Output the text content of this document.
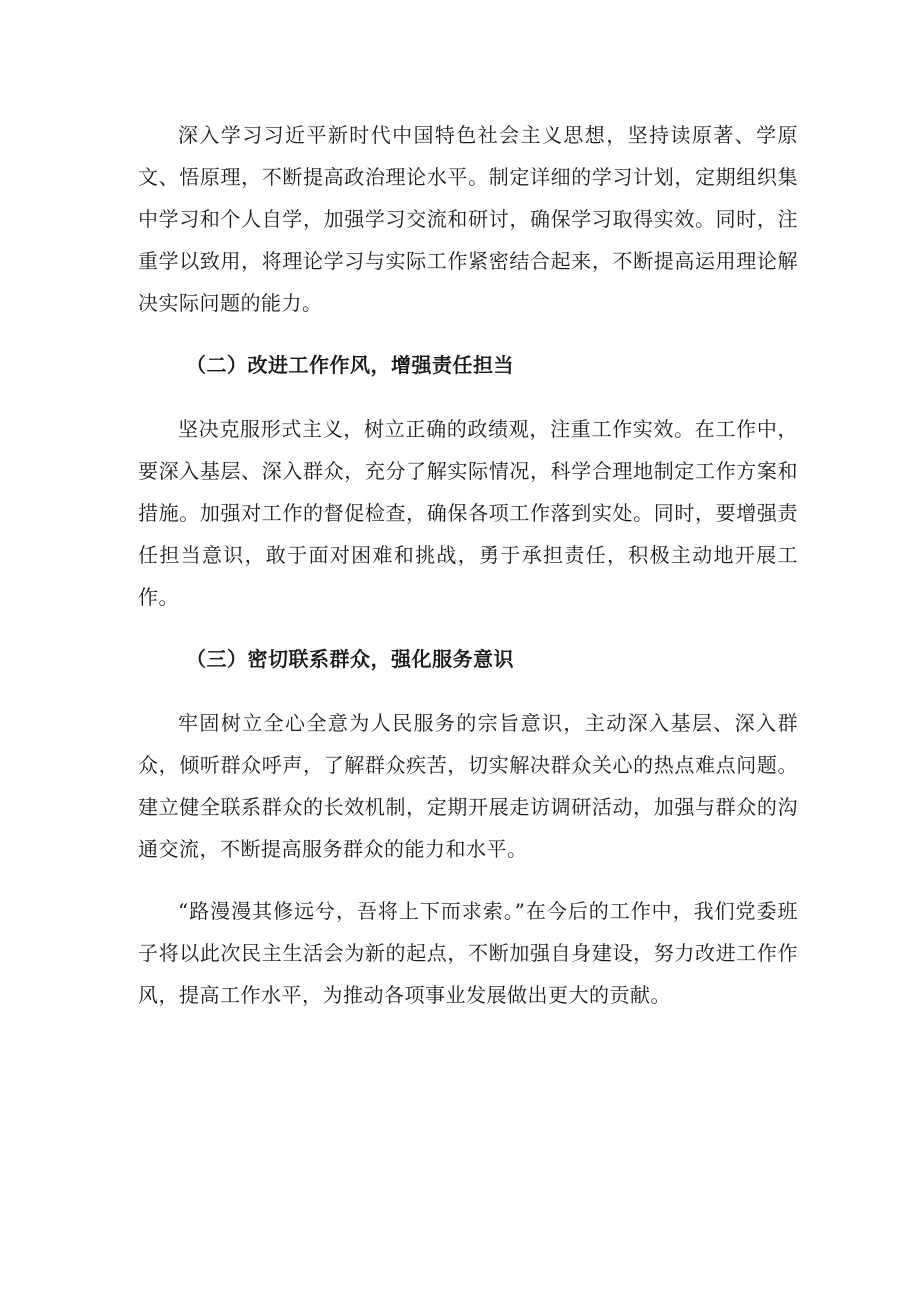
深入学习习近平新时代中国特色社会主义思想，坚持读原著、学原文、悟原理，不断提高政治理论水平。制定详细的学习计划，定期组织集中学习和个人自学，加强学习交流和研讨，确保学习取得实效。同时，注重学以致用，将理论学习与实际工作紧密结合起来，不断提高运用理论解决实际问题的能力。

（二）改进工作作风，增强责任担当

坚决克服形式主义，树立正确的政绩观，注重工作实效。在工作中，要深入基层、深入群众，充分了解实际情况，科学合理地制定工作方案和措施。加强对工作的督促检查，确保各项工作落到实处。同时，要增强责任担当意识，敢于面对困难和挑战，勇于承担责任，积极主动地开展工作。

（三）密切联系群众，强化服务意识

牢固树立全心全意为人民服务的宗旨意识，主动深入基层、深入群众，倾听群众呼声，了解群众疾苦，切实解决群众关心的热点难点问题。建立健全联系群众的长效机制，定期开展走访调研活动，加强与群众的沟通交流，不断提高服务群众的能力和水平。

“路漫漫其修远兮，吾将上下而求索。”在今后的工作中，我们党委班子将以此次民主生活会为新的起点，不断加强自身建设，努力改进工作作风，提高工作水平，为推动各项事业发展做出更大的贡献。
